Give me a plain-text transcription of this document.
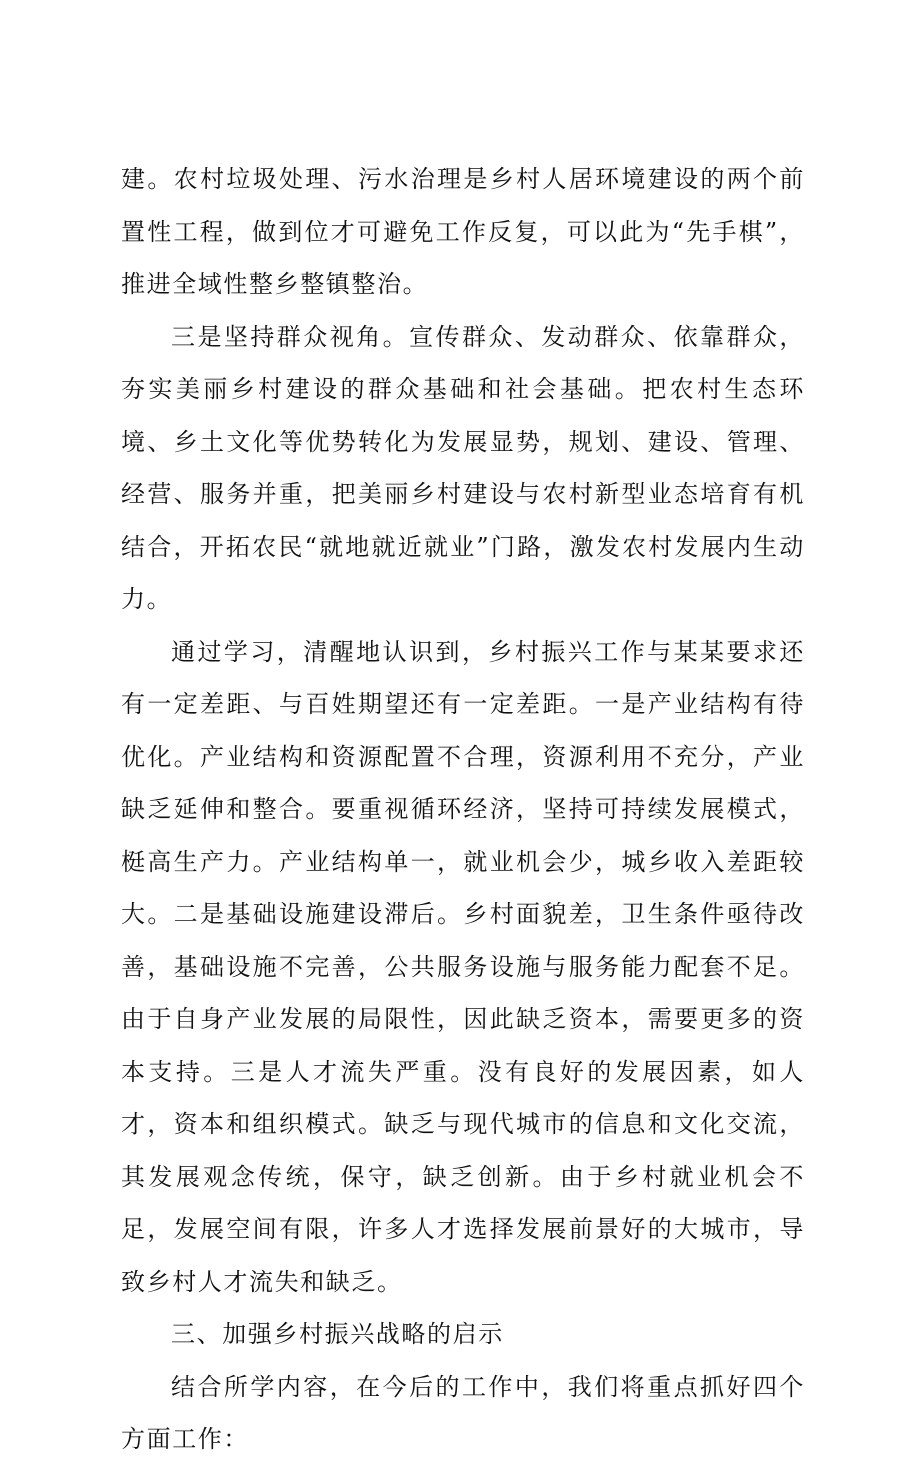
建。农村垃圾处理、污水治理是乡村人居环境建设的两个前置性工程，做到位才可避免工作反复，可以此为“先手棋”，推进全域性整乡整镇整治。

三是坚持群众视角。宣传群众、发动群众、依靠群众，夯实美丽乡村建设的群众基础和社会基础。把农村生态环境、乡土文化等优势转化为发展显势，规划、建设、管理、经营、服务并重，把美丽乡村建设与农村新型业态培育有机结合，开拓农民“就地就近就业”门路，激发农村发展内生动力。

通过学习，清醒地认识到，乡村振兴工作与某某要求还有一定差距、与百姓期望还有一定差距。一是产业结构有待优化。产业结构和资源配置不合理，资源利用不充分，产业缺乏延伸和整合。要重视循环经济，坚持可持续发展模式，梃高生产力。产业结构单一，就业机会少，城乡收入差距较大。二是基础设施建设滞后。乡村面貌差，卫生条件亟待改善，基础设施不完善，公共服务设施与服务能力配套不足。由于自身产业发展的局限性，因此缺乏资本，需要更多的资本支持。三是人才流失严重。没有良好的发展因素，如人才，资本和组织模式。缺乏与现代城市的信息和文化交流，其发展观念传统，保守，缺乏创新。由于乡村就业机会不足，发展空间有限，许多人才选择发展前景好的大城市，导致乡村人才流失和缺乏。

三、加强乡村振兴战略的启示

结合所学内容，在今后的工作中，我们将重点抓好四个方面工作：
